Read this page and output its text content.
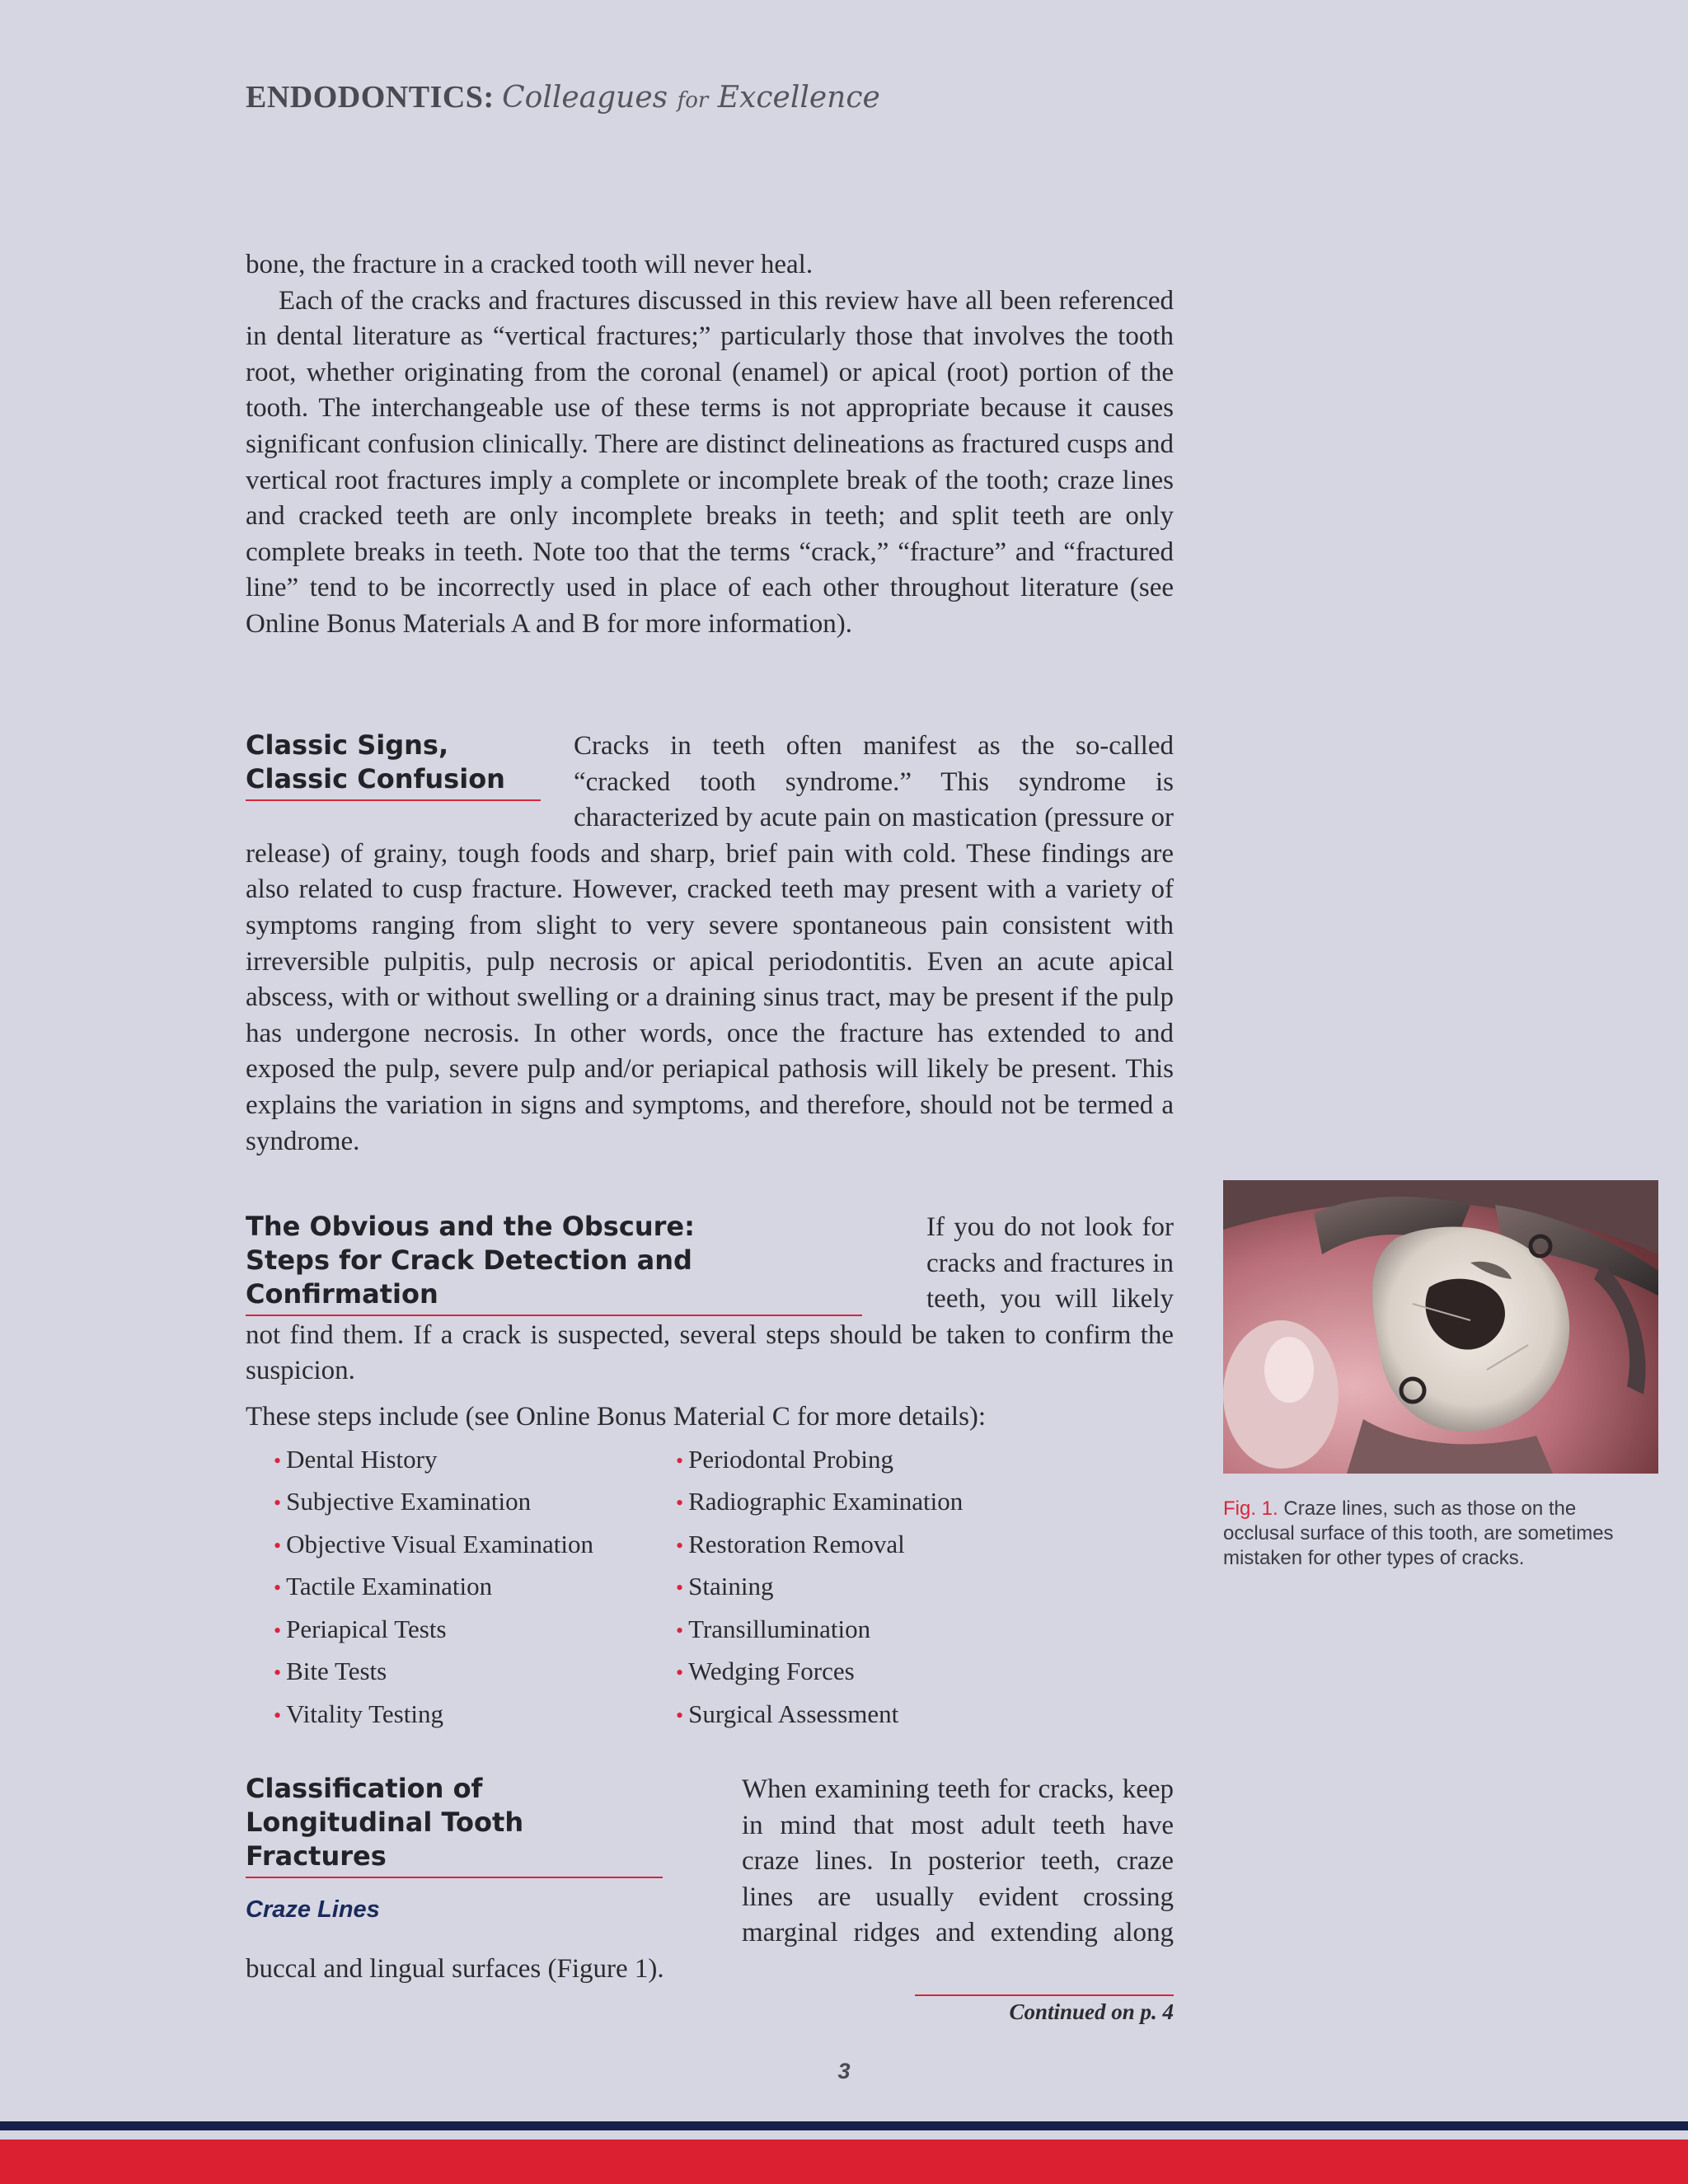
ENDODONTICS: Colleagues for Excellence

bone, the fracture in a cracked tooth will never heal.

Each of the cracks and fractures discussed in this review have all been referenced in dental literature as “vertical fractures;” particularly those that involves the tooth root, whether originating from the coronal (enamel) or apical (root) portion of the tooth. The interchangeable use of these terms is not appropriate because it causes significant confusion clinically. There are distinct delineations as fractured cusps and vertical root fractures imply a complete or incomplete break of the tooth; craze lines and cracked teeth are only incomplete breaks in teeth; and split teeth are only complete breaks in teeth. Note too that the terms “crack,” “fracture” and “fractured line” tend to be incorrectly used in place of each other throughout literature (see Online Bonus Materials A and B for more information).

Classic Signs,
Classic Confusion

Cracks in teeth often manifest as the so-called “cracked tooth syndrome.” This syndrome is characterized by acute pain on mastication (pressure or release) of grainy, tough foods and sharp, brief pain with cold. These findings are also related to cusp fracture. However, cracked teeth may present with a variety of symptoms ranging from slight to very severe spontaneous pain consistent with irreversible pulpitis, pulp necrosis or apical periodontitis. Even an acute apical abscess, with or without swelling or a draining sinus tract, may be present if the pulp has undergone necrosis. In other words, once the fracture has extended to and exposed the pulp, severe pulp and/or periapical pathosis will likely be present. This explains the variation in signs and symptoms, and therefore, should not be termed a syndrome.

The Obvious and the Obscure:
Steps for Crack Detection and Confirmation

If you do not look for cracks and fractures in teeth, you will likely not find them. If a crack is suspected, several steps should be taken to confirm the suspicion.

These steps include (see Online Bonus Material C for more details):

• Dental History	• Periodontal Probing
• Subjective Examination	• Radiographic Examination
• Objective Visual Examination	• Restoration Removal
• Tactile Examination	• Staining
• Periapical Tests	• Transillumination
• Bite Tests	• Wedging Forces
• Vitality Testing	• Surgical Assessment
Classification of
Longitudinal Tooth Fractures
Craze Lines

When examining teeth for cracks, keep in mind that most adult teeth have craze lines. In posterior teeth, craze lines are usually evident crossing marginal ridges and extending along buccal and lingual surfaces (Figure 1).

Fig. 1. Craze lines, such as those on the occlusal surface of this tooth, are sometimes mistaken for other types of cracks.
Continued on p. 4
3
